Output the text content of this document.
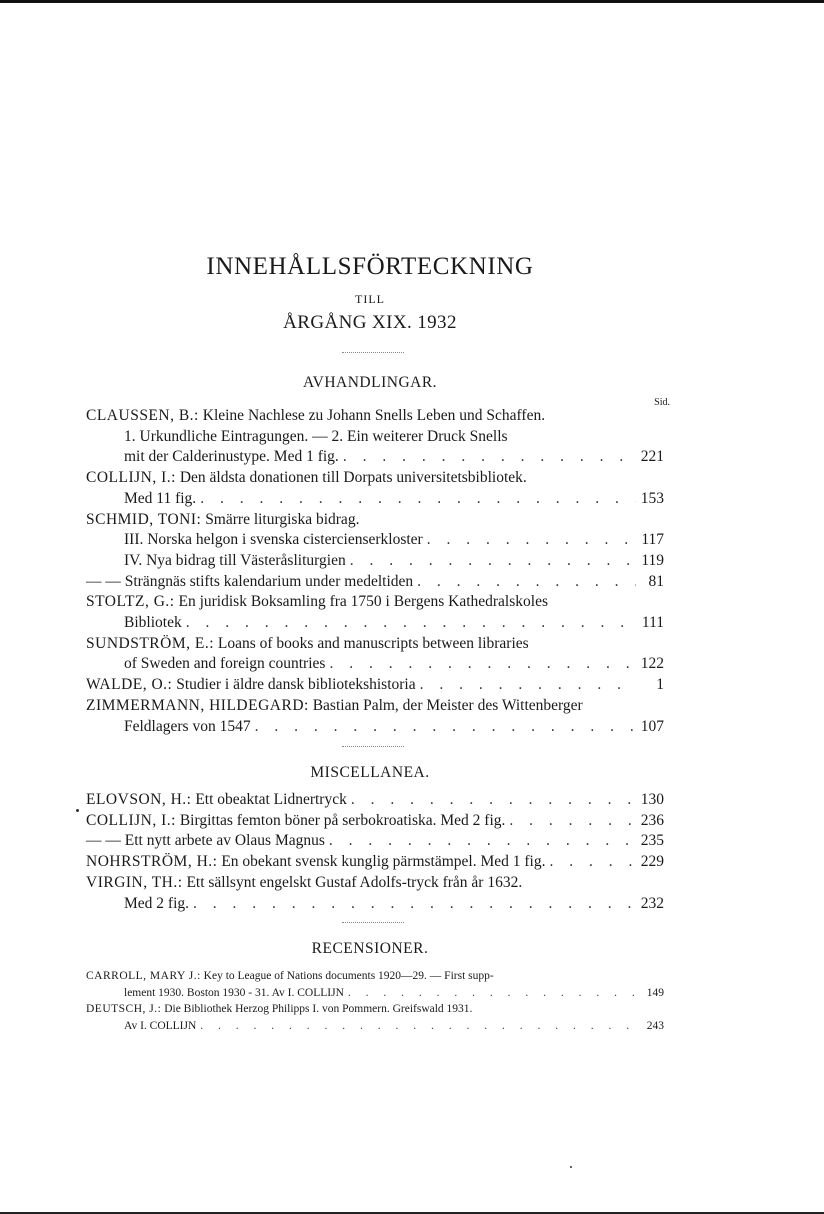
INNEHÅLLSFÖRTECKNING
TILL
ÅRGÅNG XIX. 1932
AVHANDLINGAR.
Sid.
CLAUSSEN, B.: Kleine Nachlese zu Johann Snells Leben und Schaffen.
1. Urkundliche Eintragungen. — 2. Ein weiterer Druck Snells
mit der Calderinustype. Med 1 fig. . . .	221
COLLIJN, I.: Den äldsta donationen till Dorpats universitetsbibliotek.
Med 11 fig. . . .	153
SCHMID, TONI: Smärre liturgiska bidrag.
III. Norska helgon i svenska cistercienserkloster . . .	117
IV. Nya bidrag till Västeråsliturgien . . .	119
— — Strängnäs stifts kalendarium under medeltiden . . .	81
STOLTZ, G.: En juridisk Boksamling fra 1750 i Bergens Kathedralskoles
Bibliotek . . .	111
SUNDSTRÖM, E.: Loans of books and manuscripts between libraries
of Sweden and foreign countries . . .	122
WALDE, O.: Studier i äldre dansk bibliotekshistoria . . .	1
ZIMMERMANN, HILDEGARD: Bastian Palm, der Meister des Wittenberger
Feldlagers von 1547 . . .	107
MISCELLANEA.
ELOVSON, H.: Ett obeaktat Lidnertryck . . .	130
COLLIJN, I.: Birgittas femton böner på serbokroatiska. Med 2 fig. . . .	236
— — Ett nytt arbete av Olaus Magnus . . .	235
NOHRSTRÖM, H.: En obekant svensk kunglig pärmstämpel. Med 1 fig. . . .	229
VIRGIN, TH.: Ett sällsynt engelskt Gustaf Adolfs-tryck från år 1632.
Med 2 fig. . . .	232
RECENSIONER.
CARROLL, MARY J.: Key to League of Nations documents 1920—29. — First supp-
lement 1930. Boston 1930 - 31. Av I. COLLIJN . . .	149
DEUTSCH, J.: Die Bibliothek Herzog Philipps I. von Pommern. Greifswald 1931.
Av I. COLLIJN . . .	243
